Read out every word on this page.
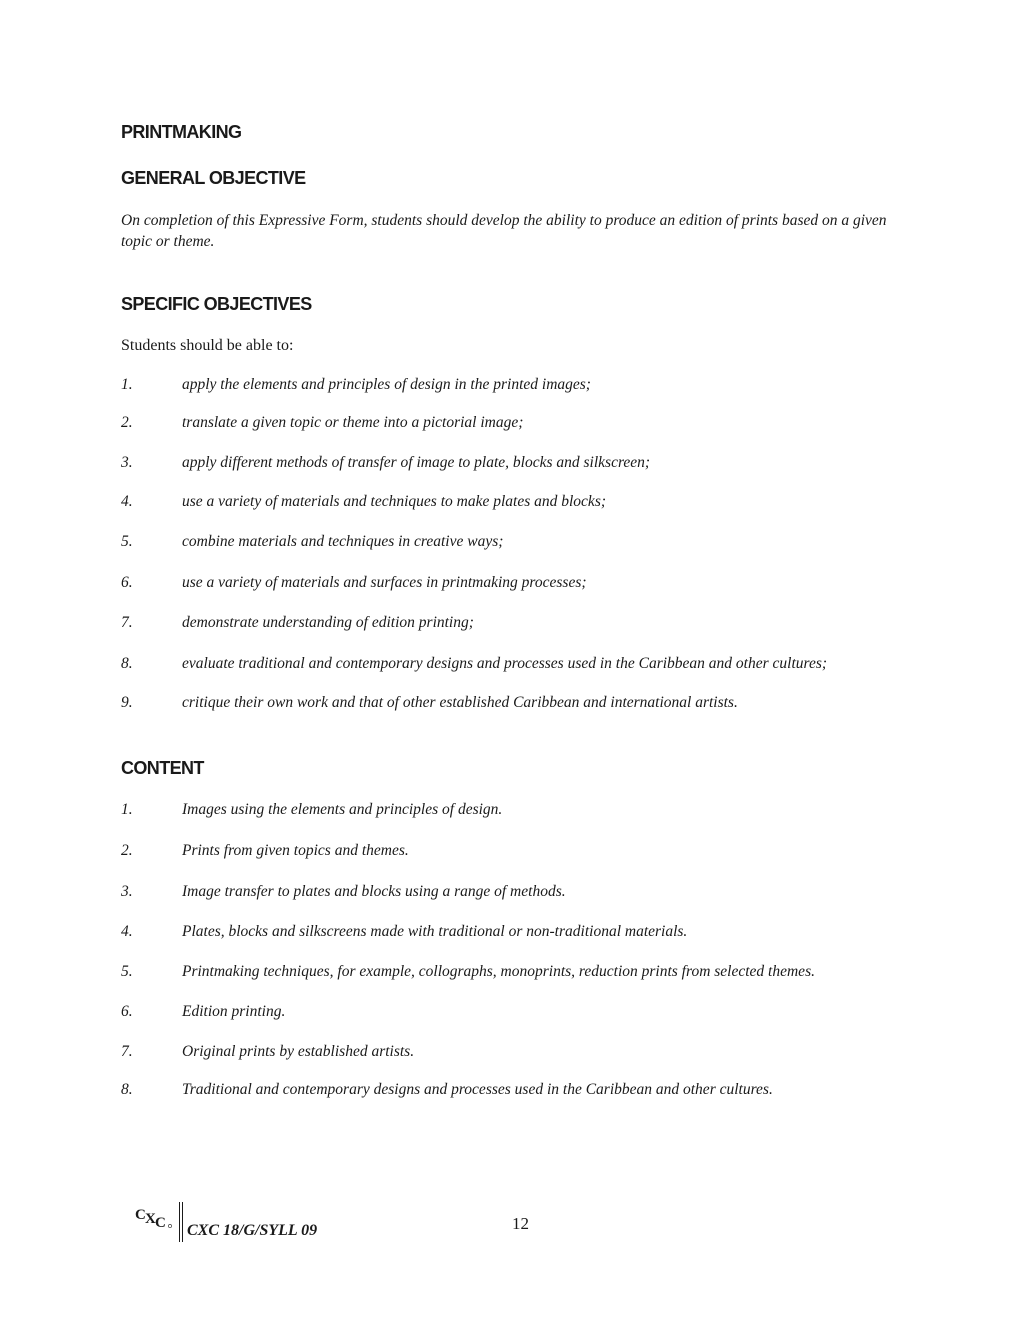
PRINTMAKING
GENERAL OBJECTIVE

On completion of this Expressive Form, students should develop the ability to produce an edition of prints based on a given topic or theme.

SPECIFIC OBJECTIVES

Students should be able to:

1.	apply the elements and principles of design in the printed images;
2.	translate a given topic or theme into a pictorial image;
3.	apply different methods of transfer of image to plate, blocks and silkscreen;
4.	use a variety of materials and techniques to make plates and blocks;
5.	combine materials and techniques in creative ways;
6.	use a variety of materials and surfaces in printmaking processes;
7.	demonstrate understanding of edition printing;
8.	evaluate traditional and contemporary designs and processes used in the Caribbean and other cultures;
9.	critique their own work and that of other established Caribbean and international artists.
CONTENT
1.	Images using the elements and principles of design.
2.	Prints from given topics and themes.
3.	Image transfer to plates and blocks using a range of methods.
4.	Plates, blocks and silkscreens made with traditional or non-traditional materials.
5.	Printmaking techniques, for example, collographs, monoprints, reduction prints from selected themes.
6.	Edition printing.
7.	Original prints by established artists.
8.	Traditional and contemporary designs and processes used in the Caribbean and other cultures.
C X C CXC 18/G/SYLL 09	12
